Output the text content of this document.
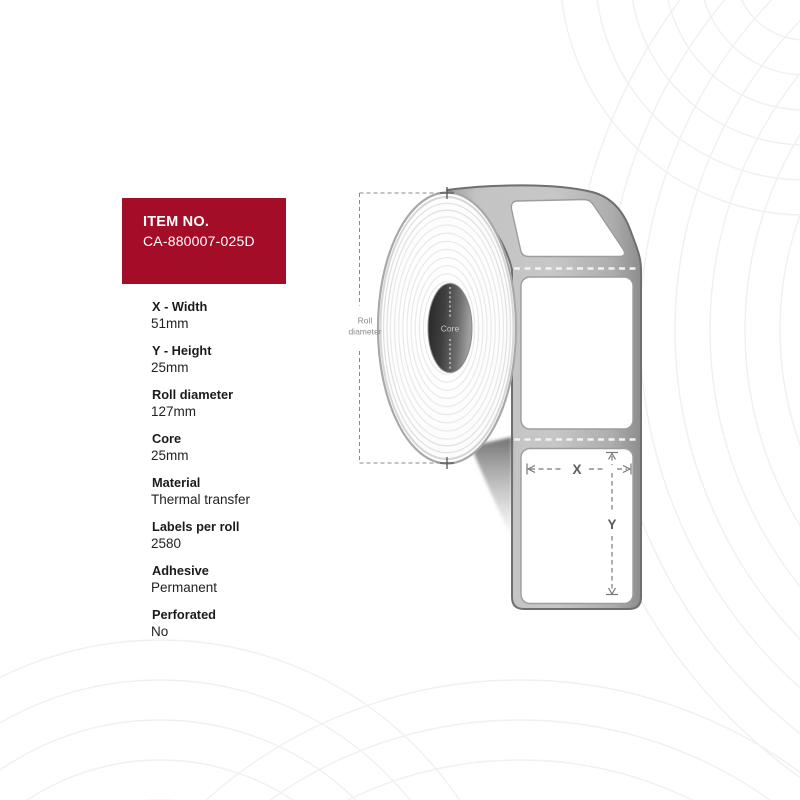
Core
Roll
diameter
X
Y
ITEM NO.
CA-880007-025D
X - Width
51mm
Y - Height
25mm
Roll diameter
127mm
Core
25mm
Material
Thermal transfer
Labels per roll
2580
Adhesive
Permanent
Perforated
No
